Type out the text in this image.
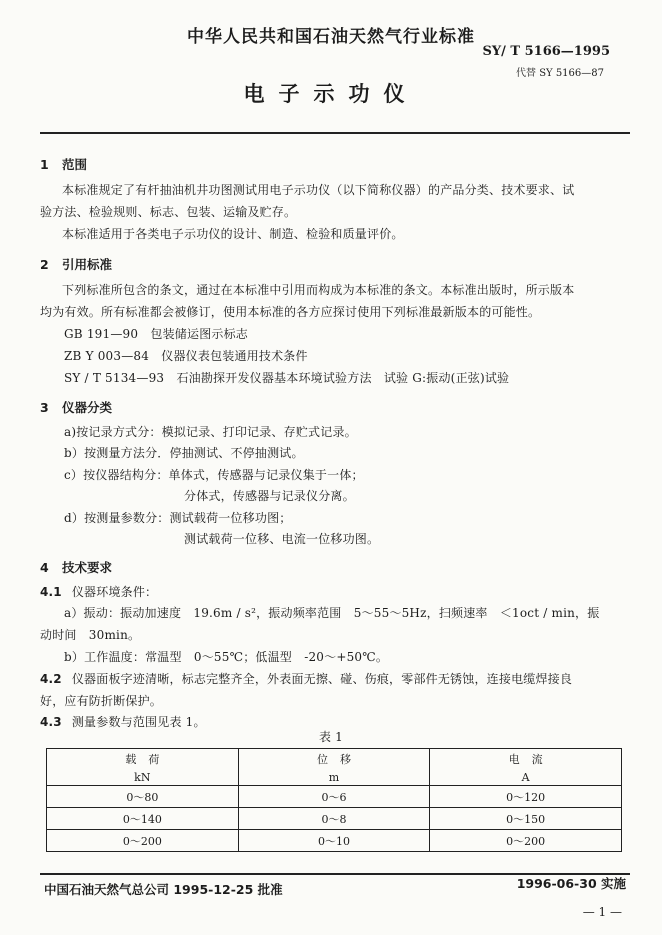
中华人民共和国石油天然气行业标准
SY/ T 5166—1995
代替 SY 5166—87
电子示功仪
1 范围
本标准规定了有杆抽油机井功图测试用电子示功仪（以下简称仪器）的产品分类、技术要求、试
验方法、检验规则、标志、包装、运输及贮存。
本标准适用于各类电子示功仪的设计、制造、检验和质量评价。
2 引用标准
下列标准所包含的条文，通过在本标准中引用而构成为本标准的条文。本标准出版时，所示版本
均为有效。所有标准都会被修订，使用本标准的各方应探讨使用下列标准最新版本的可能性。
GB 191—90　包装储运图示标志
ZB Y 003—84　仪器仪表包装通用技术条件
SY / T 5134—93　石油勘探开发仪器基本环境试验方法　试验 G:振动(正弦)试验
3 仪器分类
a)按记录方式分：模拟记录、打印记录、存贮式记录。
b）按测量方法分．停抽测试、不停抽测试。
c）按仪器结构分：单体式，传感器与记录仪集于一体；
分体式，传感器与记录仪分离。
d）按测量参数分：测试载荷一位移功图；
测试载荷一位移、电流一位移功图。
4 技术要求
4.1 仪器环境条件：
a）振动：振动加速度　19.6m / s²，振动频率范围　5～55～5Hz，扫频速率　＜1oct / min，振
动时间　30min。
b）工作温度：常温型　0～55℃；低温型　-20～+50℃。
4.2 仪器面板字迹清晰，标志完整齐全，外表面无擦、碰、伤痕，零部件无锈蚀，连接电缆焊接良
好，应有防折断保护。
4.3 测量参数与范围见表 1。
表 1
载荷	位移	电流
kN	m	A
0～80	0～6	0～120
0～140	0～8	0～150
0～200	0～10	0～200
中国石油天然气总公司 1995-12-25 批准	1996-06-30 实施
— 1 —
